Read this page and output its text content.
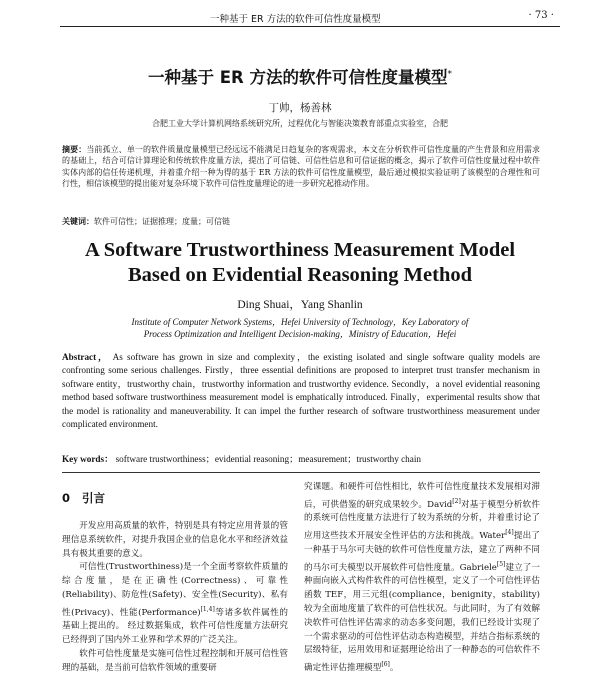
一种基于 ER 方法的软件可信性度量模型	· 73 ·
一种基于 ER 方法的软件可信性度量模型*
丁帅，杨善林
合肥工业大学计算机网络系统研究所，过程优化与智能决策教育部重点实验室，合肥
摘要：当前孤立、单一的软件质量度量模型已经远远不能满足日趋复杂的客观需求，本文在分析软件可信性度量的产生背景和应用需求的基础上，结合可信计算理论和传统软件度量方法，提出了可信链、可信性信息和可信证据的概念，揭示了软件可信性度量过程中软件实体内部的信任传递机理，并着重介绍一种为得的基于 ER 方法的软件可信性度量模型，最后通过模拟实验证明了该模型的合理性和可行性，相信该模型的提出能对复杂环境下软件可信性度量理论的进一步研究起推动作用。
关键词：软件可信性；证据推理；度量；可信链
A Software Trustworthiness Measurement Model
Based on Evidential Reasoning Method
Ding Shuai，Yang Shanlin
Institute of Computer Network Systems，Hefei University of Technology，Key Laboratory of
Process Optimization and Intelligent Decision-making，Ministry of Education，Hefei
Abstract， As software has grown in size and complexity，the existing isolated and single software quality models are confronting some serious challenges. Firstly，three essential definitions are proposed to interpret trust transfer mechanism in software entity，trustworthy chain，trustworthy information and trustworthy evidence. Secondly，a novel evidential reasoning method based software trustworthiness measurement model is emphatically introduced. Finally，experimental results show that the model is rationality and maneuverability. It can impel the further research of software trustworthiness measurement under complicated environment.
Key words： software trustworthiness；evidential reasoning；measurement；trustworthy chain
0 引言

开发应用高质量的软件，特别是具有特定应用背景的管理信息系统软件，对提升我国企业的信息化水平和经济效益具有极其重要的意义。

可信性(Trustworthiness)是一个全面考察软件质量的综合度量，是在正确性(Correctness)、可靠性(Reliability)、防危性(Safety)、安全性(Security)、私有性(Privacy)、性能(Performance)[1,4]等诸多软件属性的基础上提出的。 经过数据集成，软件可信性度量方法研究已经得到了国内外工业界和学术界的广泛关注。

软件可信性度量是实施可信性过程控制和开展可信性管理的基础，是当前可信软件领域的重要研

究课题。和硬件可信性相比，软件可信性度量技术发展相对滞后，可供借鉴的研究成果较少。David[2]对基于模型分析软件的系统可信性度量方法进行了较为系统的分析，并着重讨论了应用这些技术开展安全性评估的方法和挑战。Water[4]提出了一种基于马尔可夫链的软件可信性度量方法，建立了两种不同的马尔可夫模型以开展软件可信性度量。Gabriele[5]建立了一种面向嵌入式构件软件的可信性模型，定义了一个可信性评估函数 TEF，用三元组(compliance，benignity，stability)较为全面地度量了软件的可信性状况。与此同时，为了有效解决软件可信性评估需求的动态多变问题，我们已经设计实现了一个需求驱动的可信性评估动态构造模型，并结合指标系统的层级特征，运用效用和证据理论给出了一种静态的可信软件不确定性评估推理模型[6]。
